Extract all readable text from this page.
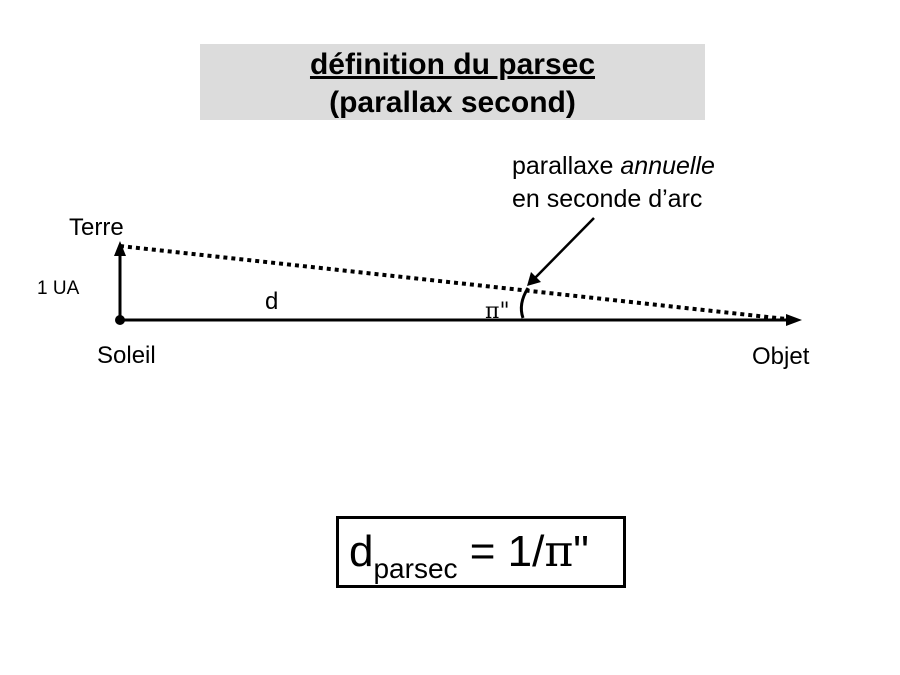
définition du parsec
(parallax second)
Terre
1 UA	d
Soleil	Objet
π"
parallaxe annuelle
en seconde d’arc
$d_{parsec} = 1/\pi$"
